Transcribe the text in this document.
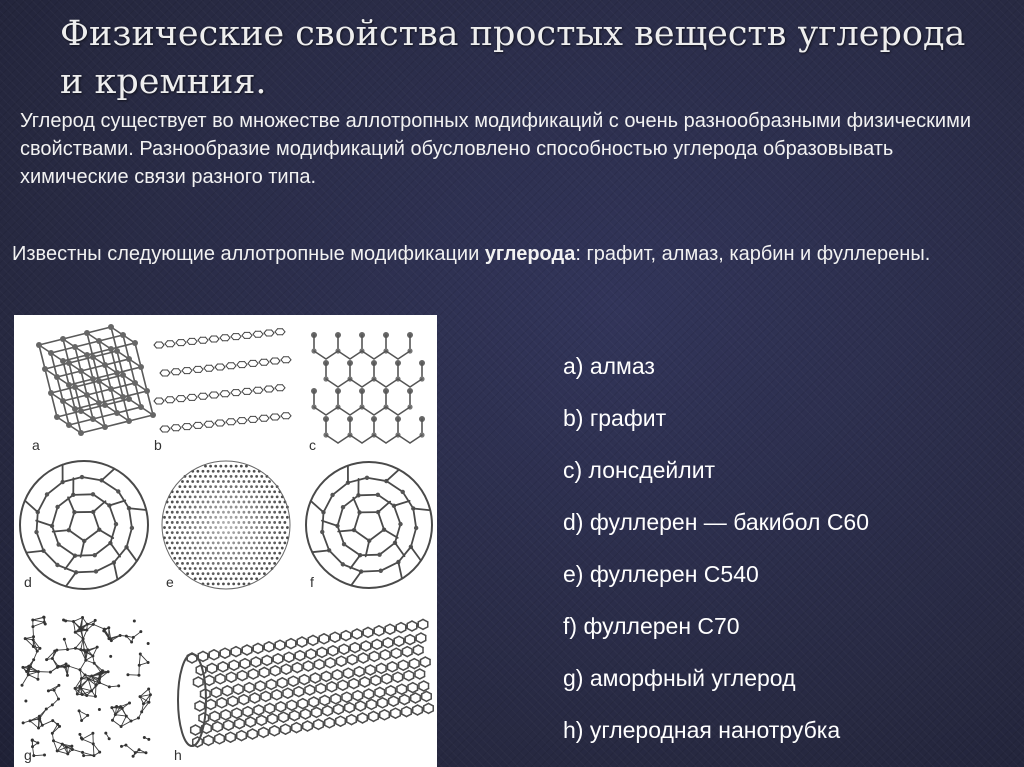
Физические свойства простых веществ углерода и кремния.

Углерод существует во множестве аллотропных модификаций с очень разнообразными физическими свойствами. Разнообразие модификаций обусловлено способностью углерода образовывать химические связи разного типа.

Известны следующие аллотропные модификации углерода: графит, алмаз, карбин и фуллерены.

a	b	c
d	e	f
g	h
a) алмаз
b) графит
c) лонсдейлит
d) фуллерен — бакибол С60
e) фуллерен С540
f) фуллерен С70
g) аморфный углерод
h) углеродная нанотрубка
